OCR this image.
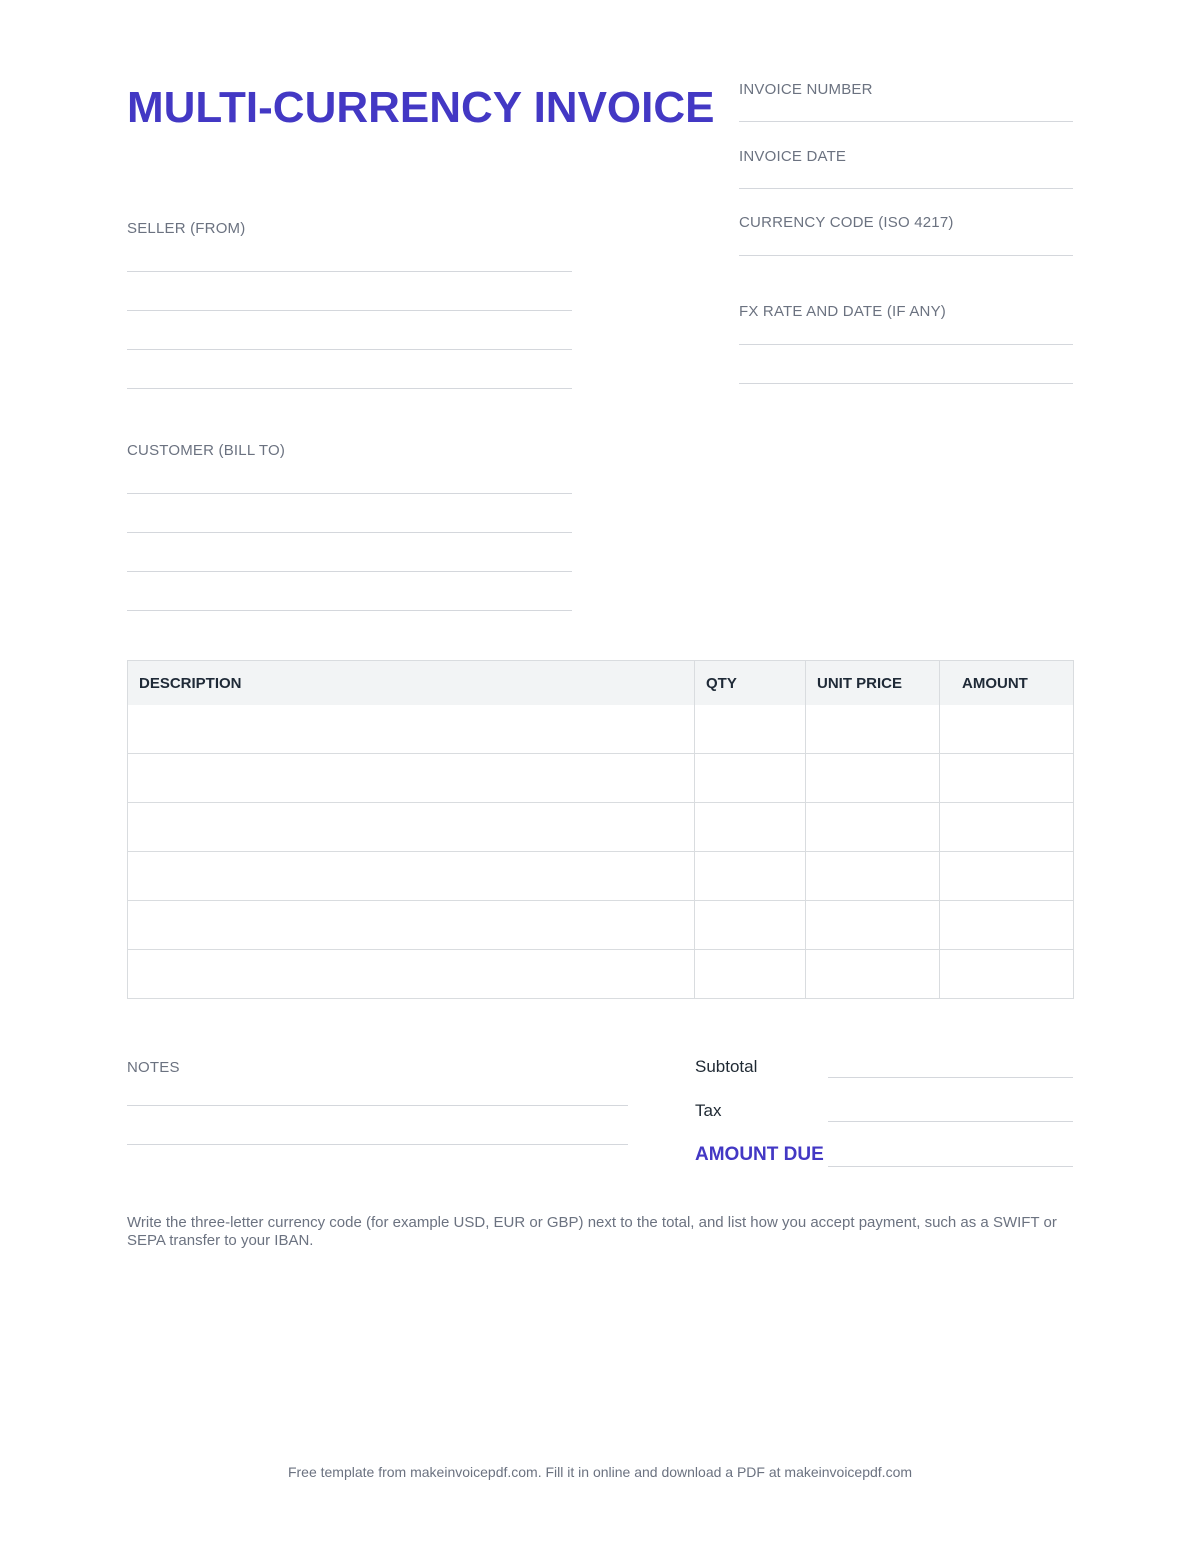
MULTI-CURRENCY INVOICE INVOICE NUMBER
INVOICE DATE
CURRENCY CODE (ISO 4217)
FX RATE AND DATE (IF ANY)
SELLER (FROM)
CUSTOMER (BILL TO)
DESCRIPTION	QTY	UNIT PRICE	AMOUNT

NOTES	Subtotal
Tax
AMOUNT DUE
Write the three-letter currency code (for example USD, EUR or GBP) next to the total, and list how you accept payment, such as a SWIFT or SEPA transfer to your IBAN.
Free template from makeinvoicepdf.com. Fill it in online and download a PDF at makeinvoicepdf.com
